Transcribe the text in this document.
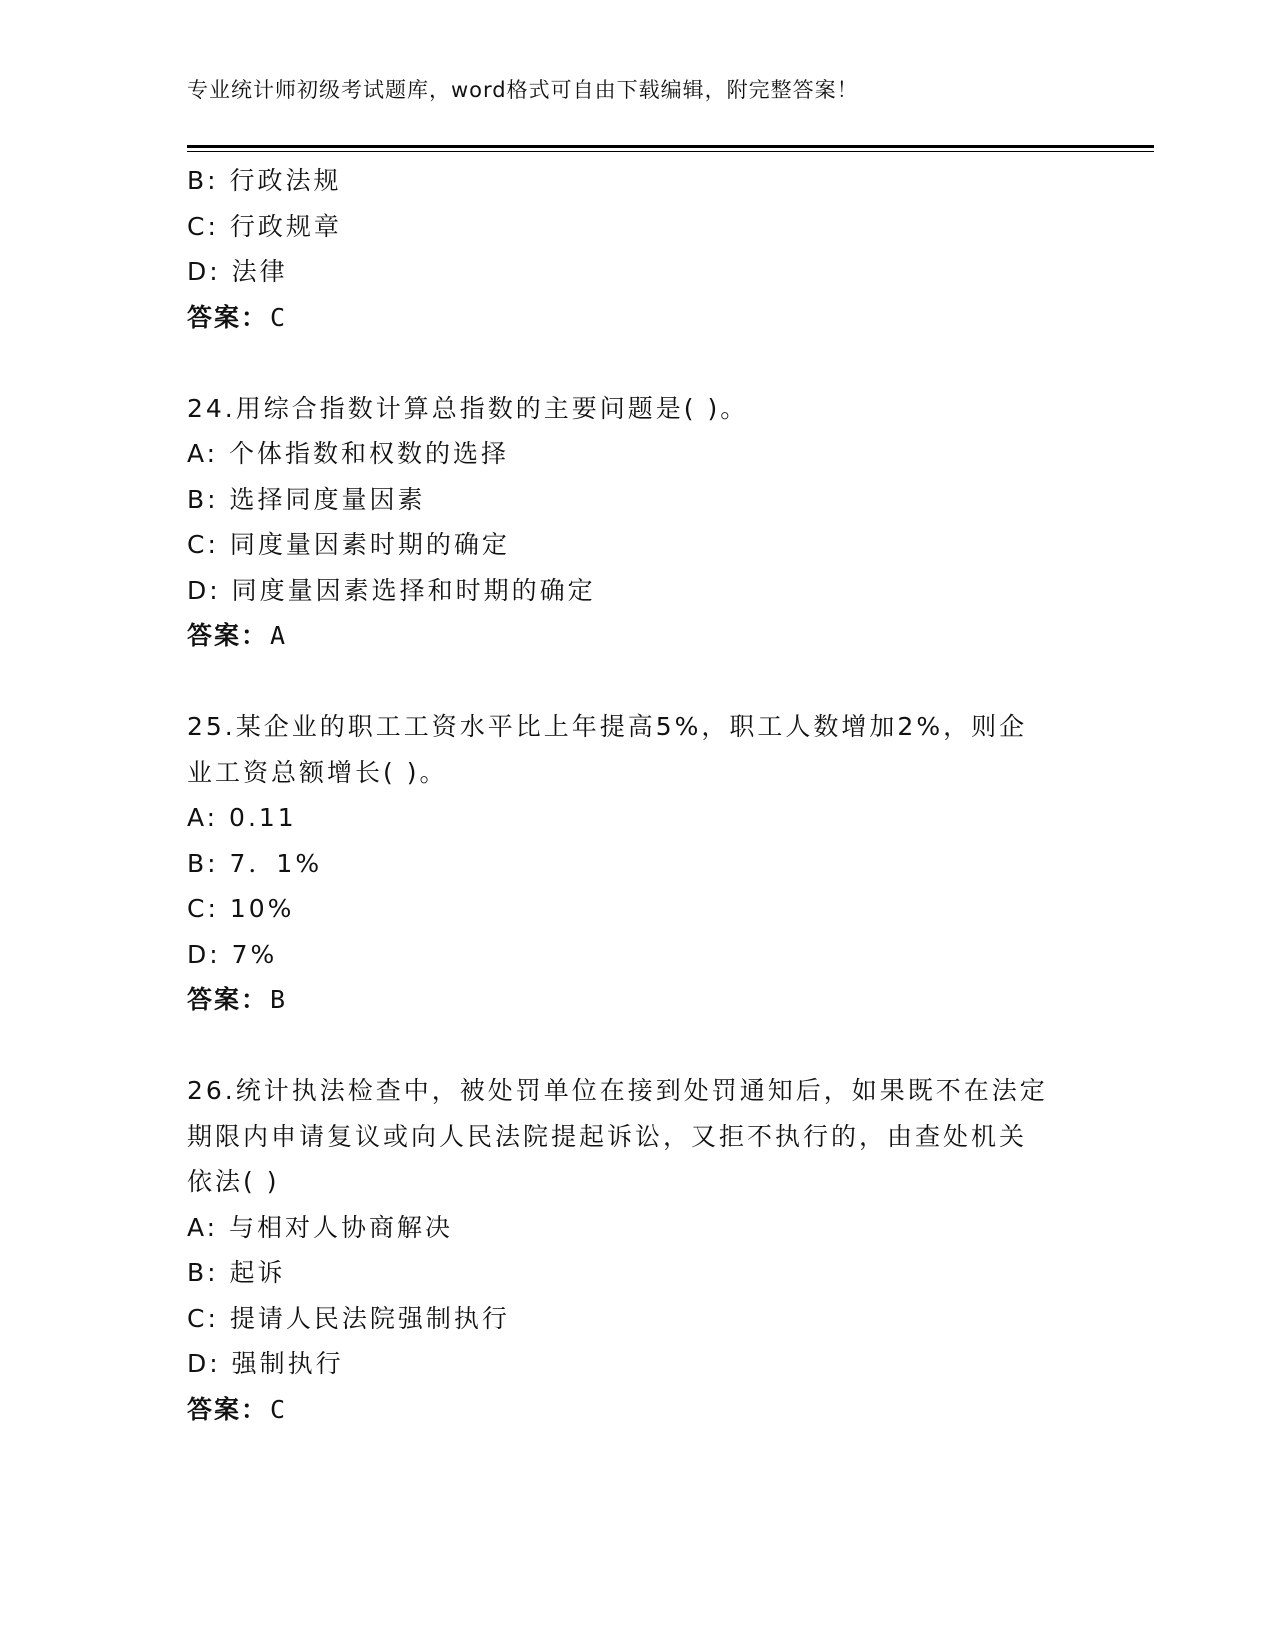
专业统计师初级考试题库，word格式可自由下载编辑，附完整答案！
B: 行政法规
C: 行政规章
D: 法律
答案：C
24.用综合指数计算总指数的主要问题是( )。
A: 个体指数和权数的选择
B: 选择同度量因素
C: 同度量因素时期的确定
D: 同度量因素选择和时期的确定
答案：A
25.某企业的职工工资水平比上年提高5%，职工人数增加2%，则企
业工资总额增长( )。
A: 0.11
B: 7．1%
C: 10%
D: 7%
答案：B
26.统计执法检查中，被处罚单位在接到处罚通知后，如果既不在法定
期限内申请复议或向人民法院提起诉讼，又拒不执行的，由查处机关
依法( )
A: 与相对人协商解决
B: 起诉
C: 提请人民法院强制执行
D: 强制执行
答案：C
